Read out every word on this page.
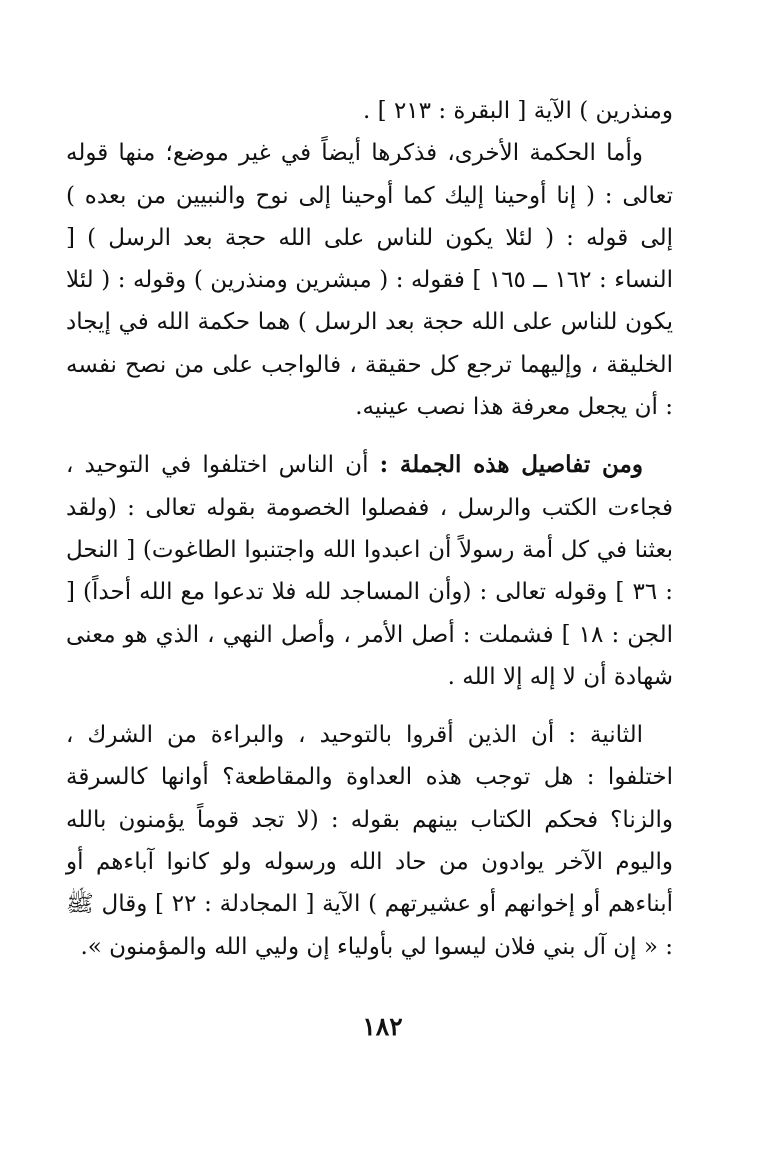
ومنذرين ) الآية [ البقرة : ٢١٣ ] .

وأما الحكمة الأخرى، فذكرها أيضاً في غير موضع؛ منها قوله تعالى : ( إنا أوحينا إليك كما أوحينا إلى نوح والنبيين من بعده ) إلى قوله : ( لئلا يكون للناس على الله حجة بعد الرسل ) [ النساء : ١٦٢ ــ ١٦٥ ] فقوله : ( مبشرين ومنذرين ) وقوله : ( لئلا يكون للناس على الله حجة بعد الرسل ) هما حكمة الله في إيجاد الخليقة ، وإليهما ترجع كل حقيقة ، فالواجب على من نصح نفسه : أن يجعل معرفة هذا نصب عينيه.

ومن تفاصيل هذه الجملة : أن الناس اختلفوا في التوحيد ، فجاءت الكتب والرسل ، ففصلوا الخصومة بقوله تعالى : (ولقد بعثنا في كل أمة رسولاً أن اعبدوا الله واجتنبوا الطاغوت) [ النحل : ٣٦ ] وقوله تعالى : (وأن المساجد لله فلا تدعوا مع الله أحداً) [ الجن : ١٨ ] فشملت : أصل الأمر ، وأصل النهي ، الذي هو معنى شهادة أن لا إله إلا الله .

الثانية : أن الذين أقروا بالتوحيد ، والبراءة من الشرك ، اختلفوا : هل توجب هذه العداوة والمقاطعة؟ أوانها كالسرقة والزنا؟ فحكم الكتاب بينهم بقوله : (لا تجد قوماً يؤمنون بالله واليوم الآخر يوادون من حاد الله ورسوله ولو كانوا آباءهم أو أبناءهم أو إخوانهم أو عشيرتهم ) الآية [ المجادلة : ٢٢ ] وقال ﷺ : « إن آل بني فلان ليسوا لي بأولياء إن وليي الله والمؤمنون ».

١٨٢
